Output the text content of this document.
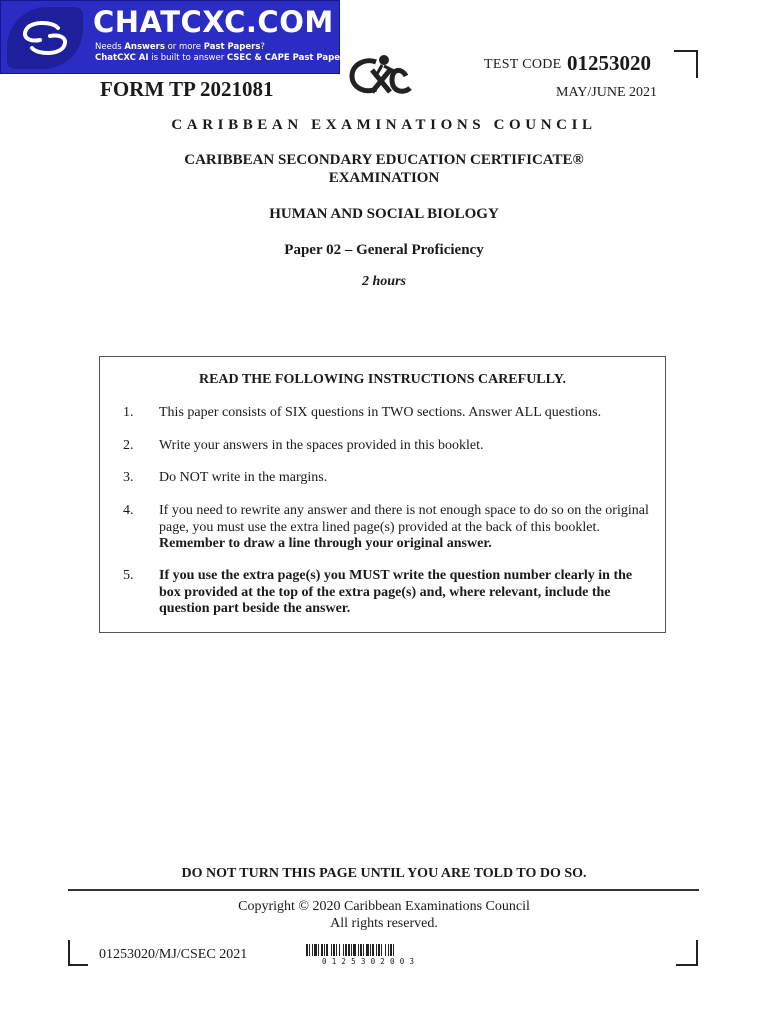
CHATCXC.COM
Needs Answers or more Past Papers?
ChatCXC AI is built to answer CSEC & CAPE Past Papers.	TEST CODE 01253020
FORM TP 2021081	MAY/JUNE 2021
CARIBBEAN EXAMINATIONS COUNCIL
CARIBBEAN SECONDARY EDUCATION CERTIFICATE®
EXAMINATION
HUMAN AND SOCIAL BIOLOGY
Paper 02 – General Proficiency
2 hours
READ THE FOLLOWING INSTRUCTIONS CAREFULLY.
1. This paper consists of SIX questions in TWO sections. Answer ALL questions.
2. Write your answers in the spaces provided in this booklet.
3. Do NOT write in the margins.
4. If you need to rewrite any answer and there is not enough space to do so on the original page, you must use the extra lined page(s) provided at the back of this booklet. Remember to draw a line through your original answer.
5. If you use the extra page(s) you MUST write the question number clearly in the box provided at the top of the extra page(s) and, where relevant, include the question part beside the answer.
DO NOT TURN THIS PAGE UNTIL YOU ARE TOLD TO DO SO.
Copyright © 2020 Caribbean Examinations Council
All rights reserved.
01253020/MJ/CSEC 2021	0125302003
